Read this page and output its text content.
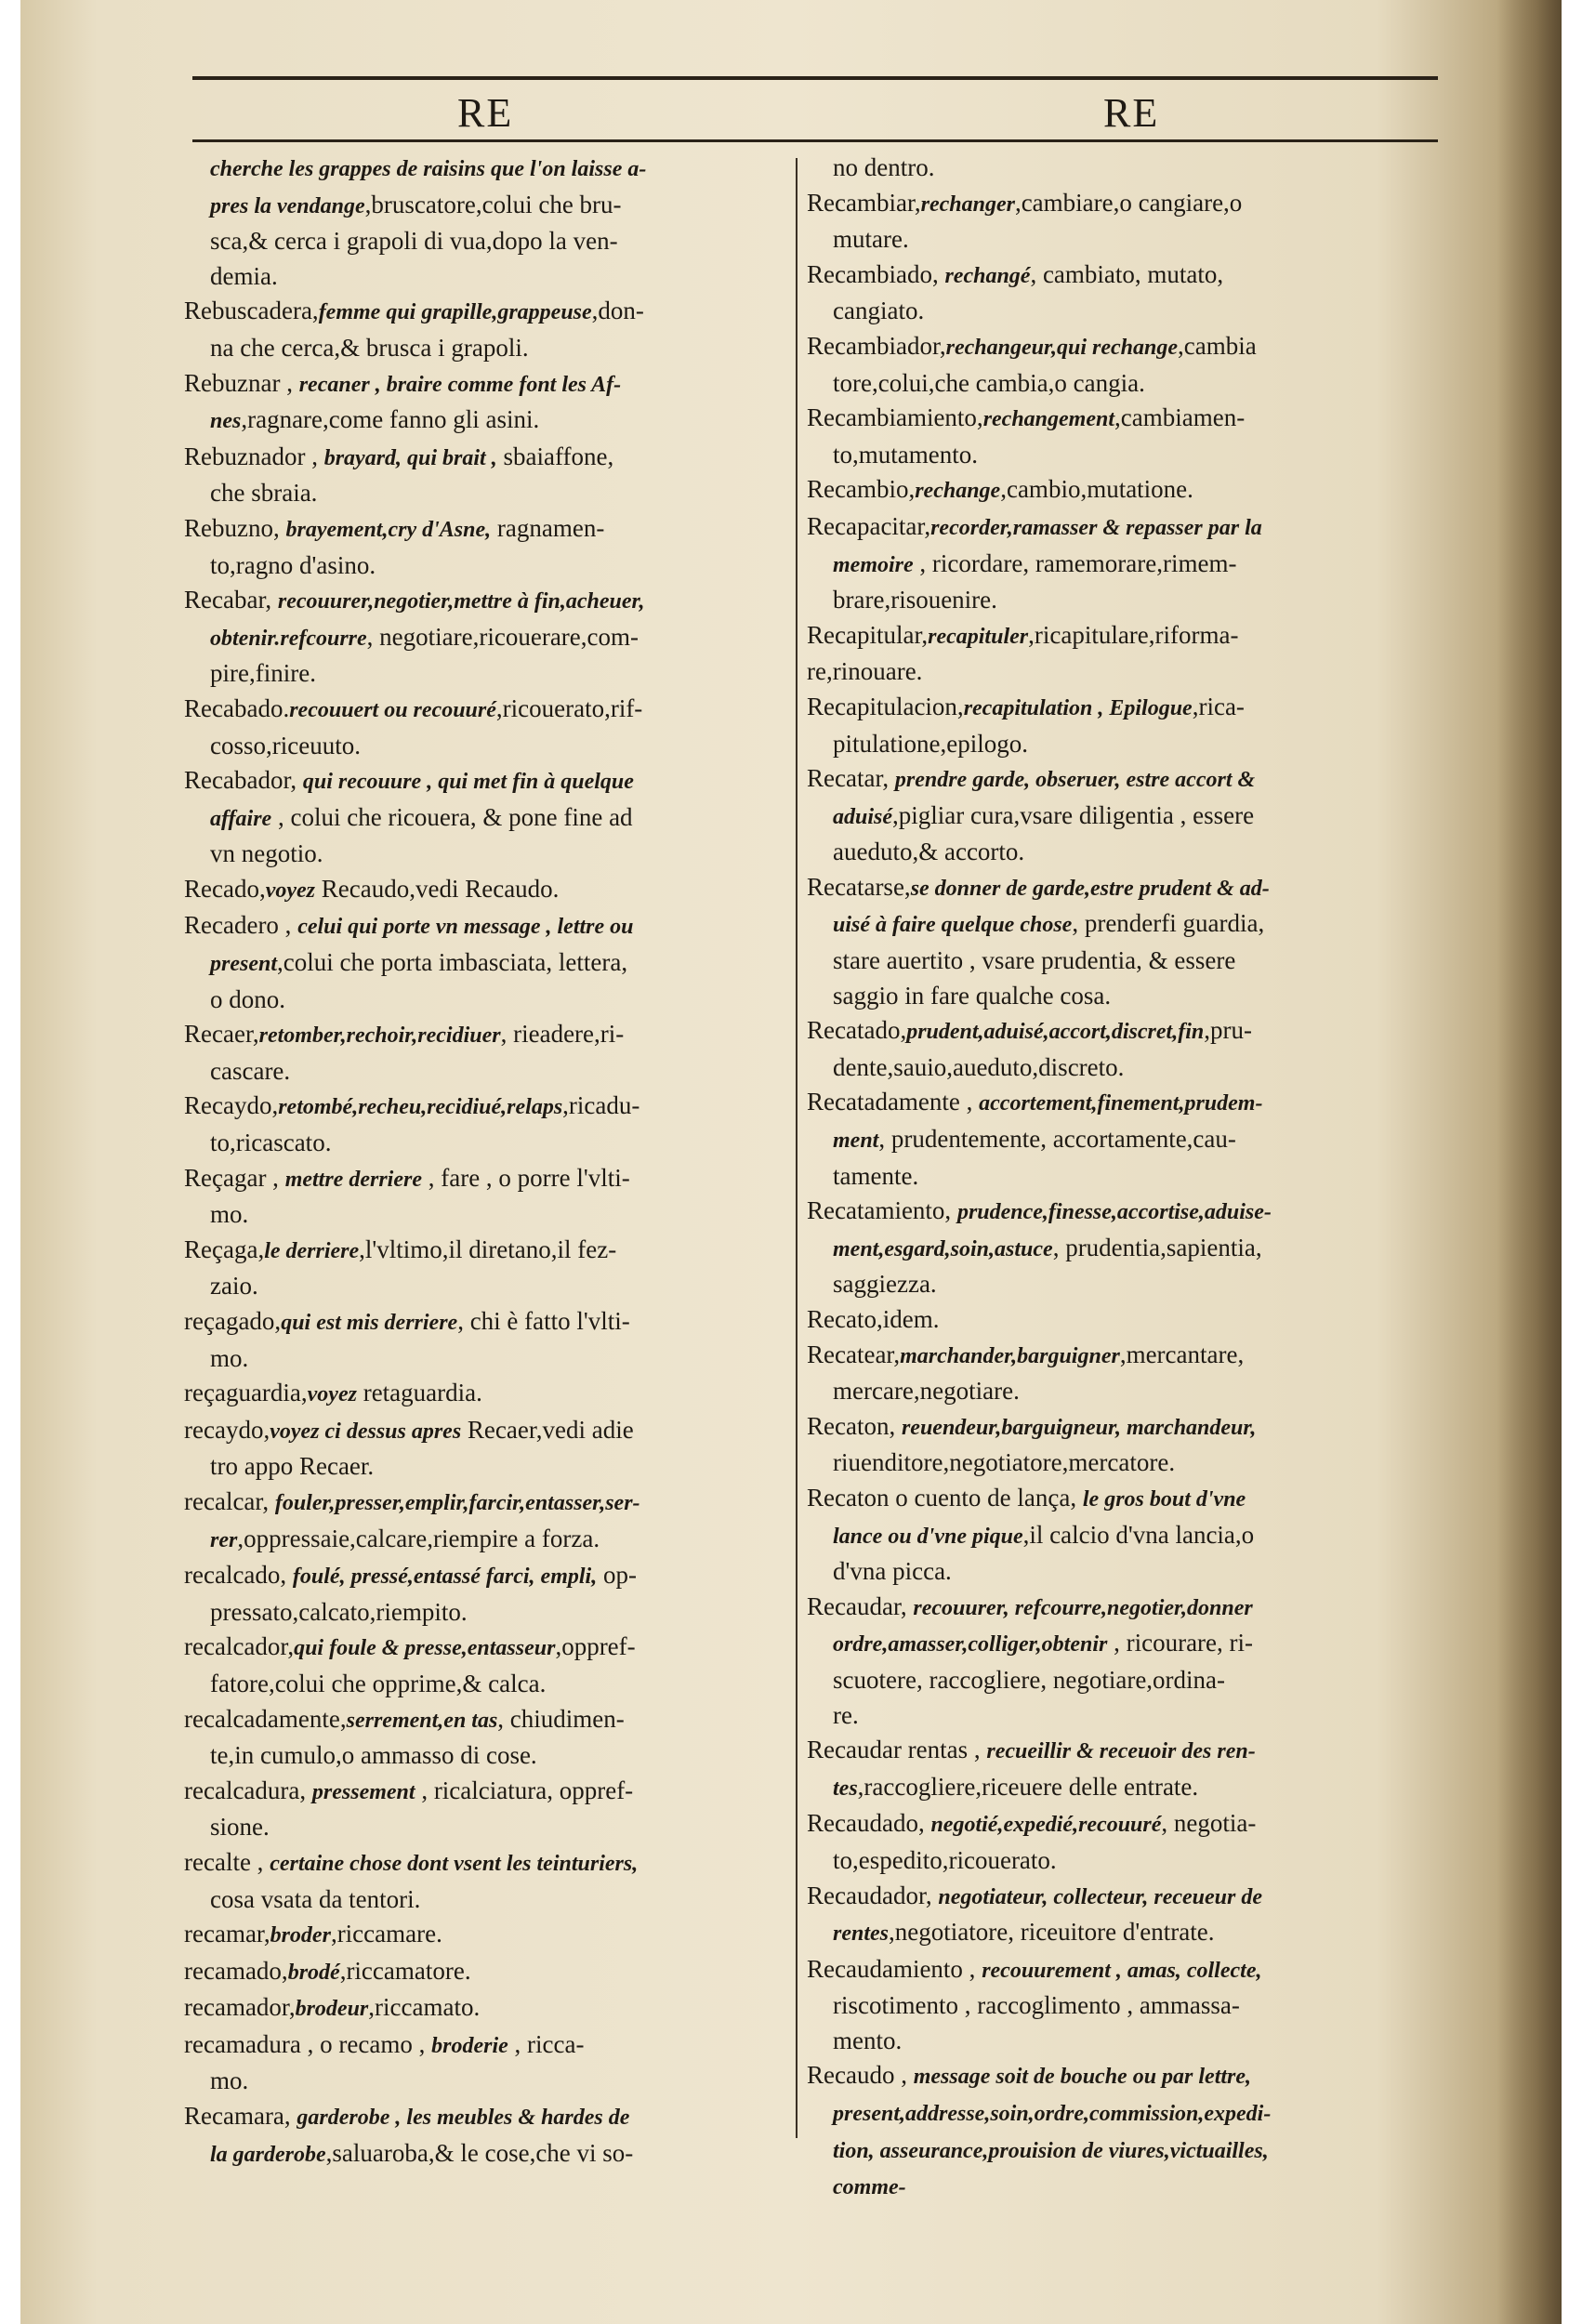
RE	RE

cherche les grappes de raisins que l'on laisse a-

pres la vendange,bruscatore,colui che bru-

sca,& cerca i grapoli di vua,dopo la ven-

demia.

Rebuscadera,femme qui grapille,grappeuse,don-

na che cerca,& brusca i grapoli.

Rebuznar , recaner , braire comme font les Af-

nes,ragnare,come fanno gli asini.

Rebuznador , brayard, qui brait , sbaiaffone,

che sbraia.

Rebuzno, brayement,cry d'Asne, ragnamen-

to,ragno d'asino.

Recabar, recouurer,negotier,mettre à fin,acheuer,

obtenir.refcourre, negotiare,ricouerare,com-

pire,finire.

Recabado.recouuert ou recouuré,ricouerato,rif-

cosso,riceuuto.

Recabador, qui recouure , qui met fin à quelque

affaire , colui che ricouera, & pone fine ad

vn negotio.

Recado,voyez Recaudo,vedi Recaudo.

Recadero , celui qui porte vn message , lettre ou

present,colui che porta imbasciata, lettera,

o dono.

Recaer,retomber,rechoir,recidiuer, rieadere,ri-

cascare.

Recaydo,retombé,recheu,recidiué,relaps,ricadu-

to,ricascato.

Reçagar , mettre derriere , fare , o porre l'vlti-

mo.

Reçaga,le derriere,l'vltimo,il diretano,il fez-

zaio.

reçagado,qui est mis derriere, chi è fatto l'vlti-

mo.

reçaguardia,voyez retaguardia.

recaydo,voyez ci dessus apres Recaer,vedi adie

tro appo Recaer.

recalcar, fouler,presser,emplir,farcir,entasser,ser-

rer,oppressaie,calcare,riempire a forza.

recalcado, foulé, pressé,entassé farci, empli, op-

pressato,calcato,riempito.

recalcador,qui foule & presse,entasseur,oppref-

fatore,colui che opprime,& calca.

recalcadamente,serrement,en tas, chiudimen-

te,in cumulo,o ammasso di cose.

recalcadura, pressement , ricalciatura, oppref-

sione.

recalte , certaine chose dont vsent les teinturiers,

cosa vsata da tentori.

recamar,broder,riccamare.

recamado,brodé,riccamatore.

recamador,brodeur,riccamato.

recamadura , o recamo , broderie , ricca-

mo.

Recamara, garderobe , les meubles & hardes de

la garderobe,saluaroba,& le cose,che vi so-

no dentro.

Recambiar,rechanger,cambiare,o cangiare,o

mutare.

Recambiado, rechangé, cambiato, mutato,

cangiato.

Recambiador,rechangeur,qui rechange,cambia

tore,colui,che cambia,o cangia.

Recambiamiento,rechangement,cambiamen-

to,mutamento.

Recambio,rechange,cambio,mutatione.

Recapacitar,recorder,ramasser & repasser par la

memoire , ricordare, ramemorare,rimem-

brare,risouenire.

Recapitular,recapituler,ricapitulare,riforma-

re,rinouare.

Recapitulacion,recapitulation , Epilogue,rica-

pitulatione,epilogo.

Recatar, prendre garde, obseruer, estre accort &

aduisé,pigliar cura,vsare diligentia , essere

aueduto,& accorto.

Recatarse,se donner de garde,estre prudent & ad-

uisé à faire quelque chose, prenderfi guardia,

stare auertito , vsare prudentia, & essere

saggio in fare qualche cosa.

Recatado,prudent,aduisé,accort,discret,fin,pru-

dente,sauio,aueduto,discreto.

Recatadamente , accortement,finement,prudem-

ment, prudentemente, accortamente,cau-

tamente.

Recatamiento, prudence,finesse,accortise,aduise-

ment,esgard,soin,astuce, prudentia,sapientia,

saggiezza.

Recato,idem.

Recatear,marchander,barguigner,mercantare,

mercare,negotiare.

Recaton, reuendeur,barguigneur, marchandeur,

riuenditore,negotiatore,mercatore.

Recaton o cuento de lança, le gros bout d'vne

lance ou d'vne pique,il calcio d'vna lancia,o

d'vna picca.

Recaudar, recouurer, refcourre,negotier,donner

ordre,amasser,colliger,obtenir , ricourare, ri-

scuotere, raccogliere, negotiare,ordina-

re.

Recaudar rentas , recueillir & receuoir des ren-

tes,raccogliere,riceuere delle entrate.

Recaudado, negotié,expedié,recouuré, negotia-

to,espedito,ricouerato.

Recaudador, negotiateur, collecteur, receueur de

rentes,negotiatore, riceuitore d'entrate.

Recaudamiento , recouurement , amas, collecte,

riscotimento , raccoglimento , ammassa-

mento.

Recaudo , message soit de bouche ou par lettre,

present,addresse,soin,ordre,commission,expedi-

tion, asseurance,prouision de viures,victuailles,

comme-
